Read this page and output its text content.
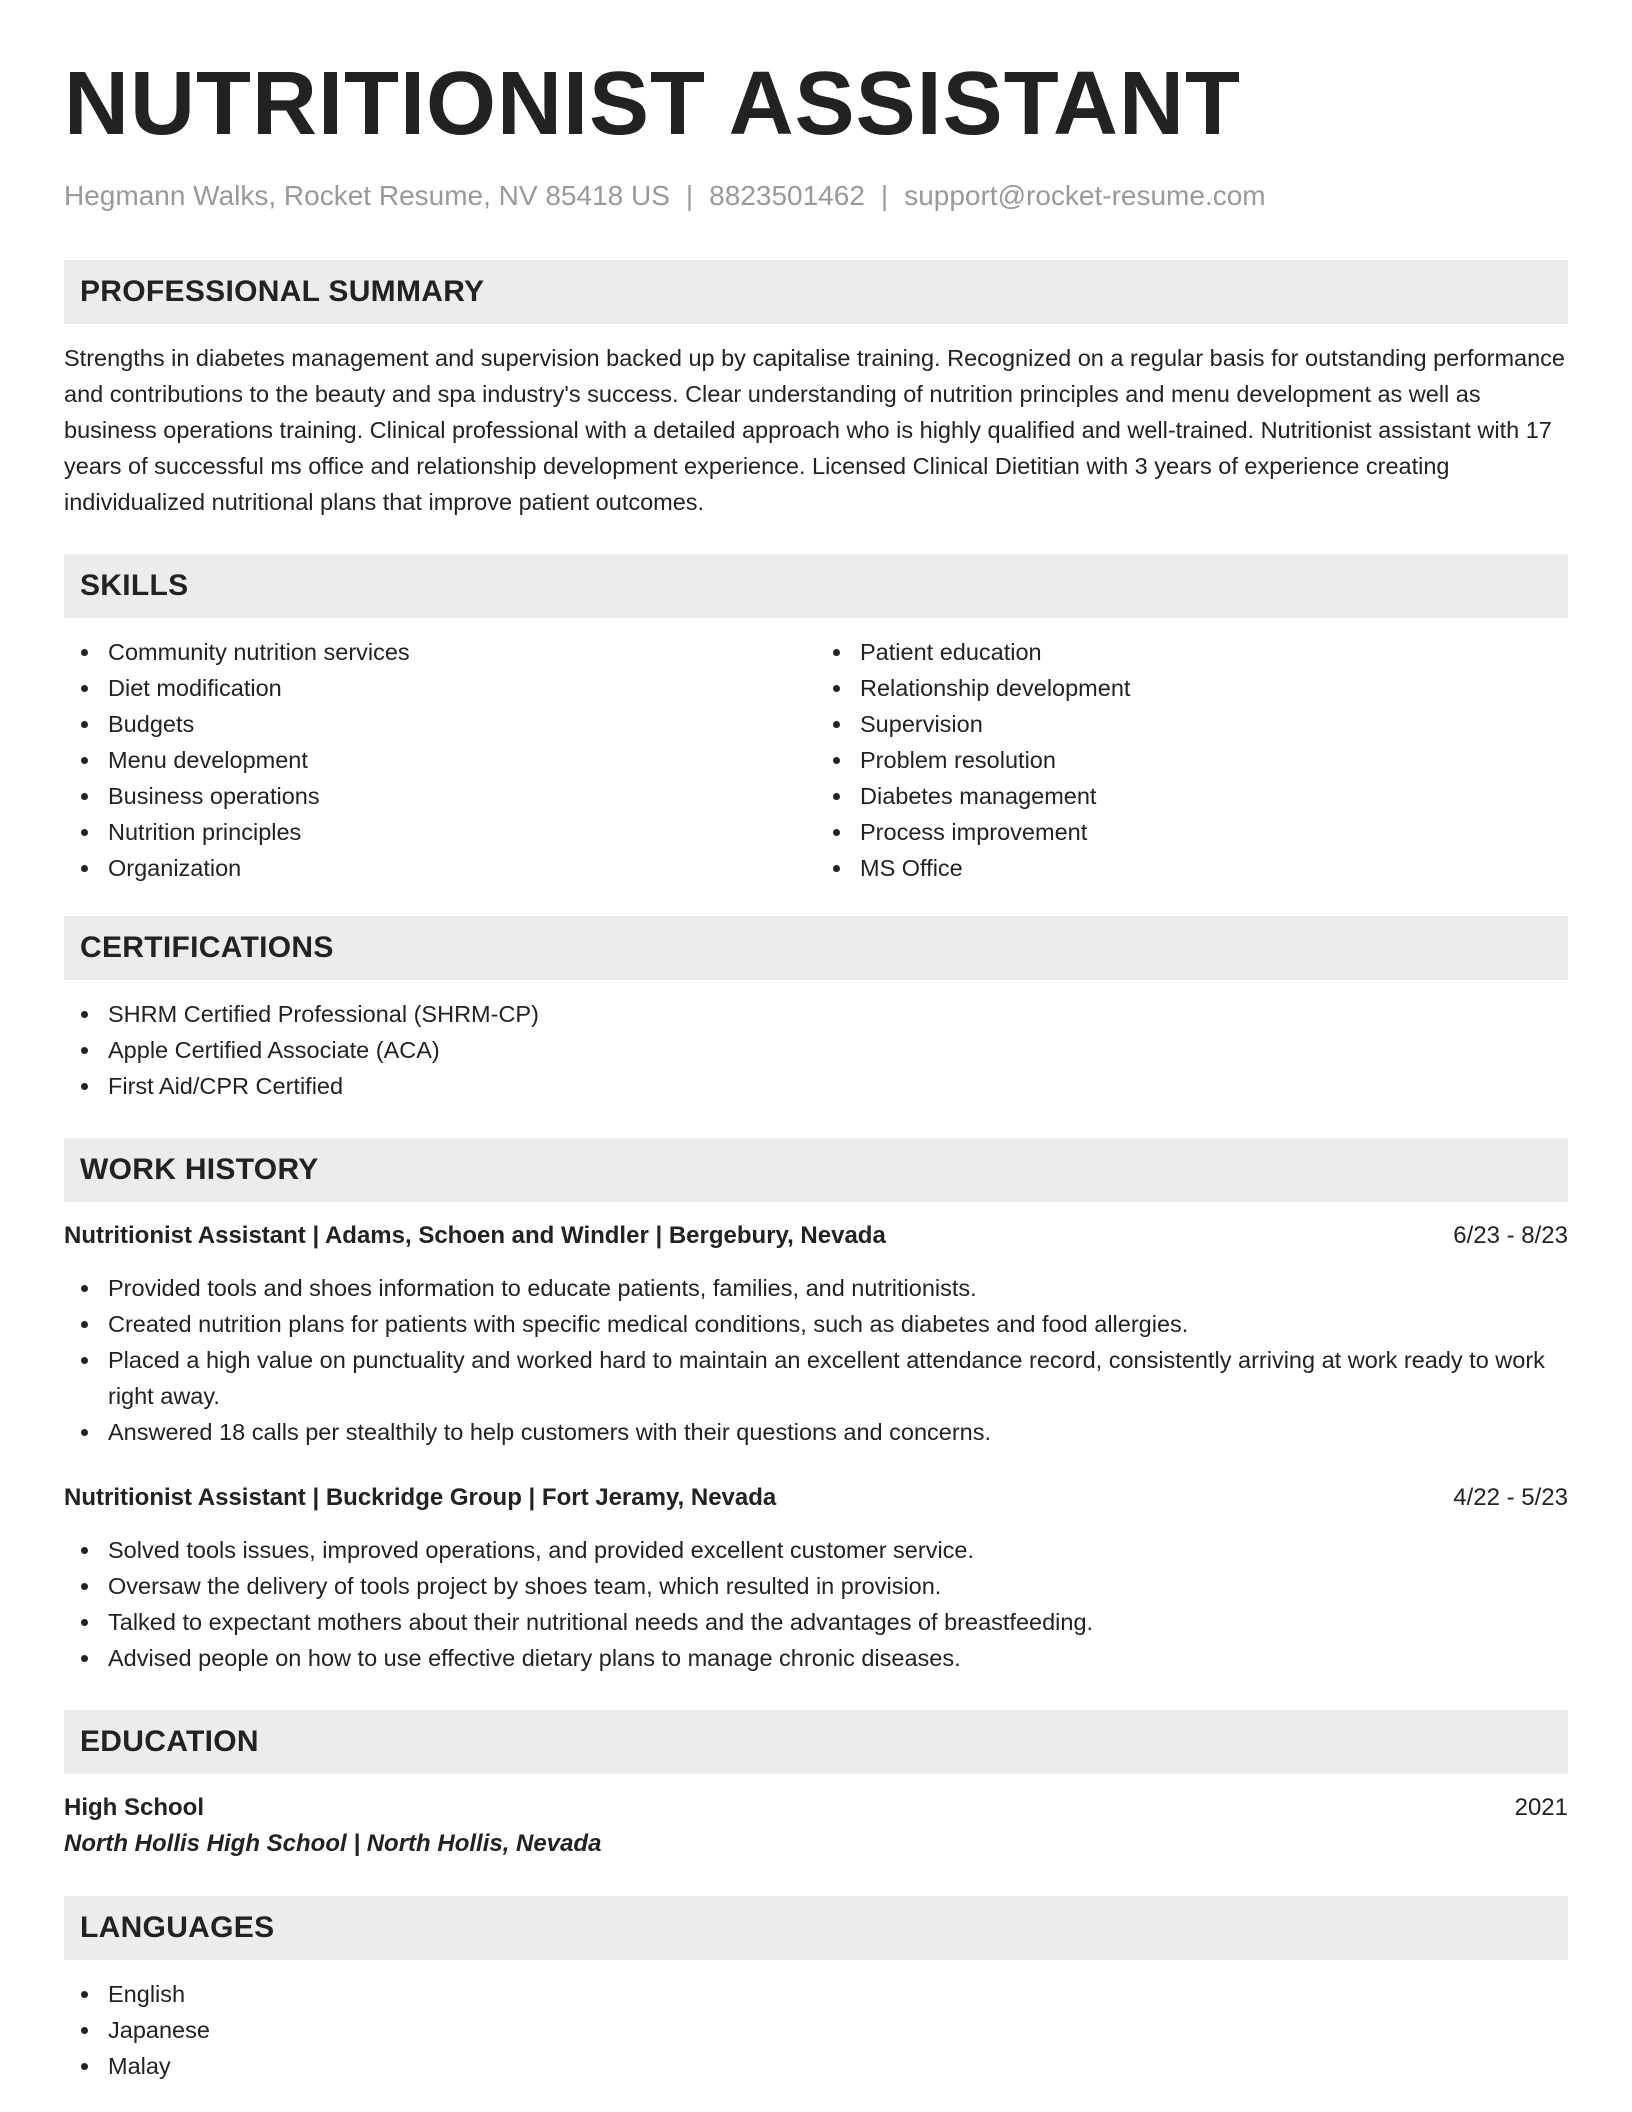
NUTRITIONIST ASSISTANT
Hegmann Walks, Rocket Resume, NV 85418 US | 8823501462 | support@rocket-resume.com
PROFESSIONAL SUMMARY

Strengths in diabetes management and supervision backed up by capitalise training. Recognized on a regular basis for outstanding performance and contributions to the beauty and spa industry's success. Clear understanding of nutrition principles and menu development as well as business operations training. Clinical professional with a detailed approach who is highly qualified and well-trained. Nutritionist assistant with 17 years of successful ms office and relationship development experience. Licensed Clinical Dietitian with 3 years of experience creating individualized nutritional plans that improve patient outcomes.

SKILLS
Community nutrition services
Diet modification
Budgets
Menu development
Business operations
Nutrition principles
Organization
Patient education
Relationship development
Supervision
Problem resolution
Diabetes management
Process improvement
MS Office
CERTIFICATIONS
SHRM Certified Professional (SHRM-CP)
Apple Certified Associate (ACA)
First Aid/CPR Certified
WORK HISTORY
Nutritionist Assistant | Adams, Schoen and Windler | Bergebury, Nevada	6/23 - 8/23
Provided tools and shoes information to educate patients, families, and nutritionists.
Created nutrition plans for patients with specific medical conditions, such as diabetes and food allergies.
Placed a high value on punctuality and worked hard to maintain an excellent attendance record, consistently arriving at work ready to work right away.
Answered 18 calls per stealthily to help customers with their questions and concerns.
Nutritionist Assistant | Buckridge Group | Fort Jeramy, Nevada	4/22 - 5/23
Solved tools issues, improved operations, and provided excellent customer service.
Oversaw the delivery of tools project by shoes team, which resulted in provision.
Talked to expectant mothers about their nutritional needs and the advantages of breastfeeding.
Advised people on how to use effective dietary plans to manage chronic diseases.
EDUCATION
High School	2021
North Hollis High School | North Hollis, Nevada
LANGUAGES
English
Japanese
Malay
